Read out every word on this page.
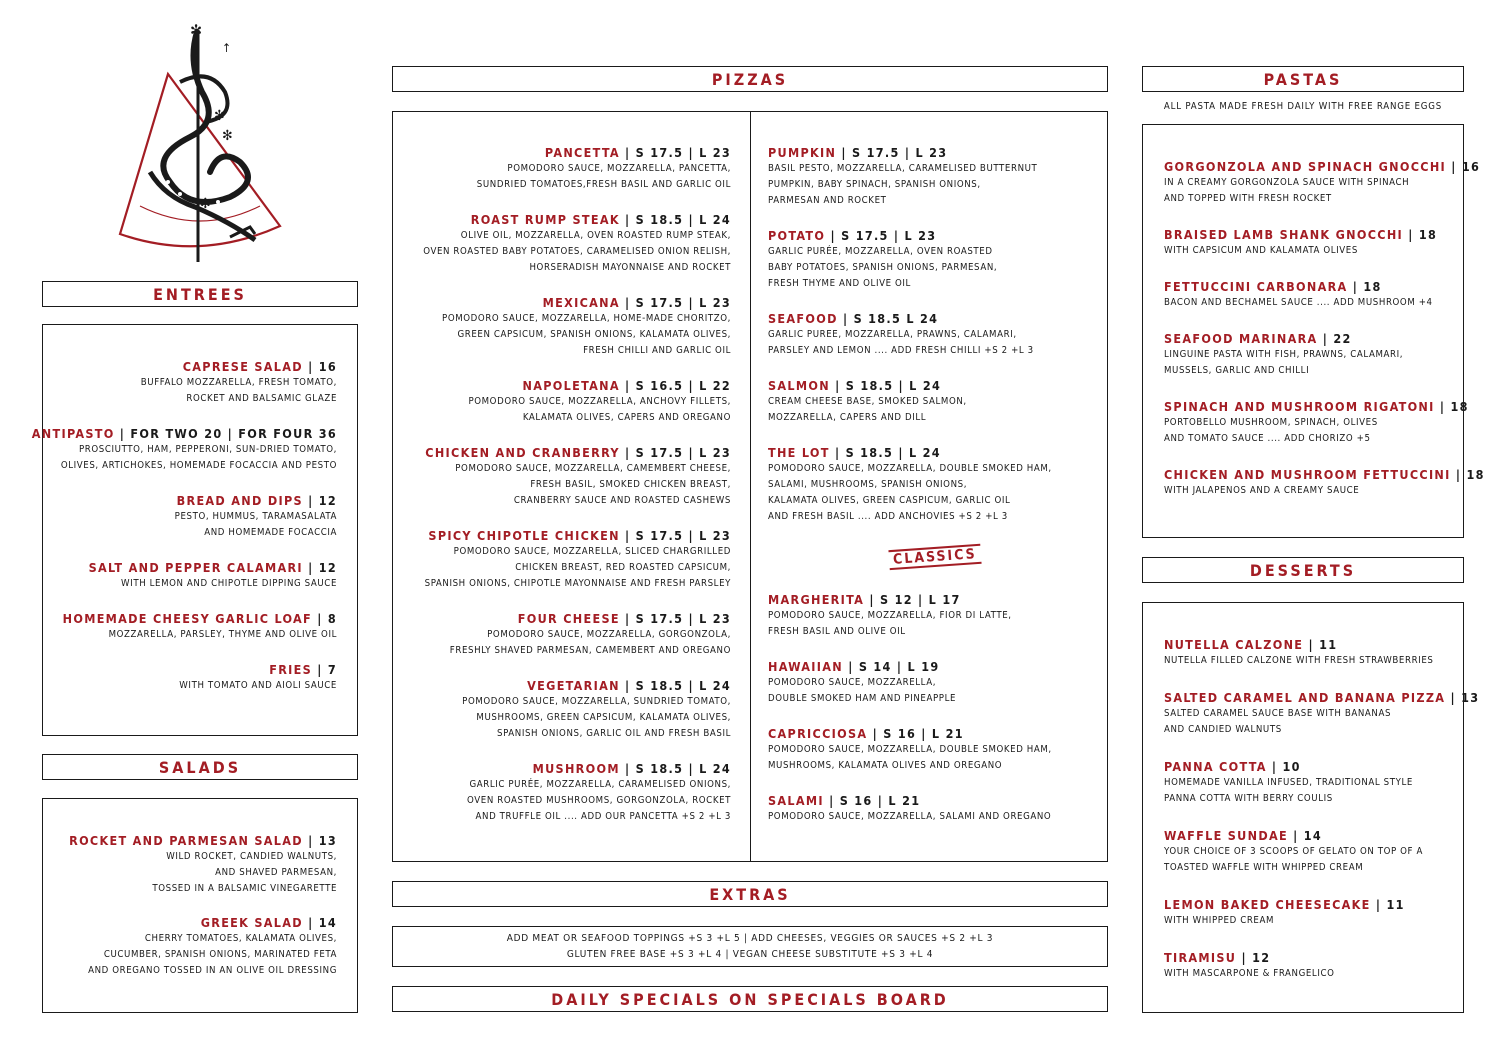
✻
✻
✻
✻
↑
ENTREES
CAPRESE SALAD | 16
BUFFALO MOZZARELLA, FRESH TOMATO,
ROCKET AND BALSAMIC GLAZE
ANTIPASTO | FOR TWO 20 | FOR FOUR 36
PROSCIUTTO, HAM, PEPPERONI, SUN-DRIED TOMATO,
OLIVES, ARTICHOKES, HOMEMADE FOCACCIA AND PESTO
BREAD AND DIPS | 12
PESTO, HUMMUS, TARAMASALATA
AND HOMEMADE FOCACCIA
SALT AND PEPPER CALAMARI | 12
WITH LEMON AND CHIPOTLE DIPPING SAUCE
HOMEMADE CHEESY GARLIC LOAF | 8
MOZZARELLA, PARSLEY, THYME AND OLIVE OIL
FRIES | 7
WITH TOMATO AND AIOLI SAUCE
SALADS
ROCKET AND PARMESAN SALAD | 13
WILD ROCKET, CANDIED WALNUTS,
AND SHAVED PARMESAN,
TOSSED IN A BALSAMIC VINEGARETTE
GREEK SALAD | 14
CHERRY TOMATOES, KALAMATA OLIVES,
CUCUMBER, SPANISH ONIONS, MARINATED FETA
AND OREGANO TOSSED IN AN OLIVE OIL DRESSING
PIZZAS
PANCETTA | S 17.5 | L 23
POMODORO SAUCE, MOZZARELLA, PANCETTA,
SUNDRIED TOMATOES,FRESH BASIL AND GARLIC OIL
ROAST RUMP STEAK | S 18.5 | L 24
OLIVE OIL, MOZZARELLA, OVEN ROASTED RUMP STEAK,
OVEN ROASTED BABY POTATOES, CARAMELISED ONION RELISH,
HORSERADISH MAYONNAISE AND ROCKET
MEXICANA | S 17.5 | L 23
POMODORO SAUCE, MOZZARELLA, HOME-MADE CHORITZO,
GREEN CAPSICUM, SPANISH ONIONS, KALAMATA OLIVES,
FRESH CHILLI AND GARLIC OIL
NAPOLETANA | S 16.5 | L 22
POMODORO SAUCE, MOZZARELLA, ANCHOVY FILLETS,
KALAMATA OLIVES, CAPERS AND OREGANO
CHICKEN AND CRANBERRY | S 17.5 | L 23
POMODORO SAUCE, MOZZARELLA, CAMEMBERT CHEESE,
FRESH BASIL, SMOKED CHICKEN BREAST,
CRANBERRY SAUCE AND ROASTED CASHEWS
SPICY CHIPOTLE CHICKEN | S 17.5 | L 23
POMODORO SAUCE, MOZZARELLA, SLICED CHARGRILLED
CHICKEN BREAST, RED ROASTED CAPSICUM,
SPANISH ONIONS, CHIPOTLE MAYONNAISE AND FRESH PARSLEY
FOUR CHEESE | S 17.5 | L 23
POMODORO SAUCE, MOZZARELLA, GORGONZOLA,
FRESHLY SHAVED PARMESAN, CAMEMBERT AND OREGANO
VEGETARIAN | S 18.5 | L 24
POMODORO SAUCE, MOZZARELLA, SUNDRIED TOMATO,
MUSHROOMS, GREEN CAPSICUM, KALAMATA OLIVES,
SPANISH ONIONS, GARLIC OIL AND FRESH BASIL
MUSHROOM | S 18.5 | L 24
GARLIC PURÉE, MOZZARELLA, CARAMELISED ONIONS,
OVEN ROASTED MUSHROOMS, GORGONZOLA, ROCKET
AND TRUFFLE OIL .... ADD OUR PANCETTA +S 2 +L 3
PUMPKIN | S 17.5 | L 23
BASIL PESTO, MOZZARELLA, CARAMELISED BUTTERNUT
PUMPKIN, BABY SPINACH, SPANISH ONIONS,
PARMESAN AND ROCKET
POTATO | S 17.5 | L 23
GARLIC PURÉE, MOZZARELLA, OVEN ROASTED
BABY POTATOES, SPANISH ONIONS, PARMESAN,
FRESH THYME AND OLIVE OIL
SEAFOOD | S 18.5 L 24
GARLIC PUREE, MOZZARELLA, PRAWNS, CALAMARI,
PARSLEY AND LEMON .... ADD FRESH CHILLI +S 2 +L 3
SALMON | S 18.5 | L 24
CREAM CHEESE BASE, SMOKED SALMON,
MOZZARELLA, CAPERS AND DILL
THE LOT | S 18.5 | L 24
POMODORO SAUCE, MOZZARELLA, DOUBLE SMOKED HAM,
SALAMI, MUSHROOMS, SPANISH ONIONS,
KALAMATA OLIVES, GREEN CASPICUM, GARLIC OIL
AND FRESH BASIL .... ADD ANCHOVIES +S 2 +L 3
CLASSICS
MARGHERITA | S 12 | L 17
POMODORO SAUCE, MOZZARELLA, FIOR DI LATTE,
FRESH BASIL AND OLIVE OIL
HAWAIIAN | S 14 | L 19
POMODORO SAUCE, MOZZARELLA,
DOUBLE SMOKED HAM AND PINEAPPLE
CAPRICCIOSA | S 16 | L 21
POMODORO SAUCE, MOZZARELLA, DOUBLE SMOKED HAM,
MUSHROOMS, KALAMATA OLIVES AND OREGANO
SALAMI | S 16 | L 21
POMODORO SAUCE, MOZZARELLA, SALAMI AND OREGANO
EXTRAS
ADD MEAT OR SEAFOOD TOPPINGS +S 3 +L 5 | ADD CHEESES, VEGGIES OR SAUCES +S 2 +L 3
GLUTEN FREE BASE +S 3 +L 4 | VEGAN CHEESE SUBSTITUTE +S 3 +L 4
DAILY SPECIALS ON SPECIALS BOARD
PASTAS
ALL PASTA MADE FRESH DAILY WITH FREE RANGE EGGS
GORGONZOLA AND SPINACH GNOCCHI | 16
IN A CREAMY GORGONZOLA SAUCE WITH SPINACH
AND TOPPED WITH FRESH ROCKET
BRAISED LAMB SHANK GNOCCHI | 18
WITH CAPSICUM AND KALAMATA OLIVES
FETTUCCINI CARBONARA | 18
BACON AND BECHAMEL SAUCE .... ADD MUSHROOM +4
SEAFOOD MARINARA | 22
LINGUINE PASTA WITH FISH, PRAWNS, CALAMARI,
MUSSELS, GARLIC AND CHILLI
SPINACH AND MUSHROOM RIGATONI | 18
PORTOBELLO MUSHROOM, SPINACH, OLIVES
AND TOMATO SAUCE .... ADD CHORIZO +5
CHICKEN AND MUSHROOM FETTUCCINI | 18
WITH JALAPENOS AND A CREAMY SAUCE
DESSERTS
NUTELLA CALZONE | 11
NUTELLA FILLED CALZONE WITH FRESH STRAWBERRIES
SALTED CARAMEL AND BANANA PIZZA | 13
SALTED CARAMEL SAUCE BASE WITH BANANAS
AND CANDIED WALNUTS
PANNA COTTA | 10
HOMEMADE VANILLA INFUSED, TRADITIONAL STYLE
PANNA COTTA WITH BERRY COULIS
WAFFLE SUNDAE | 14
YOUR CHOICE OF 3 SCOOPS OF GELATO ON TOP OF A
TOASTED WAFFLE WITH WHIPPED CREAM
LEMON BAKED CHEESECAKE | 11
WITH WHIPPED CREAM
TIRAMISU | 12
WITH MASCARPONE & FRANGELICO
